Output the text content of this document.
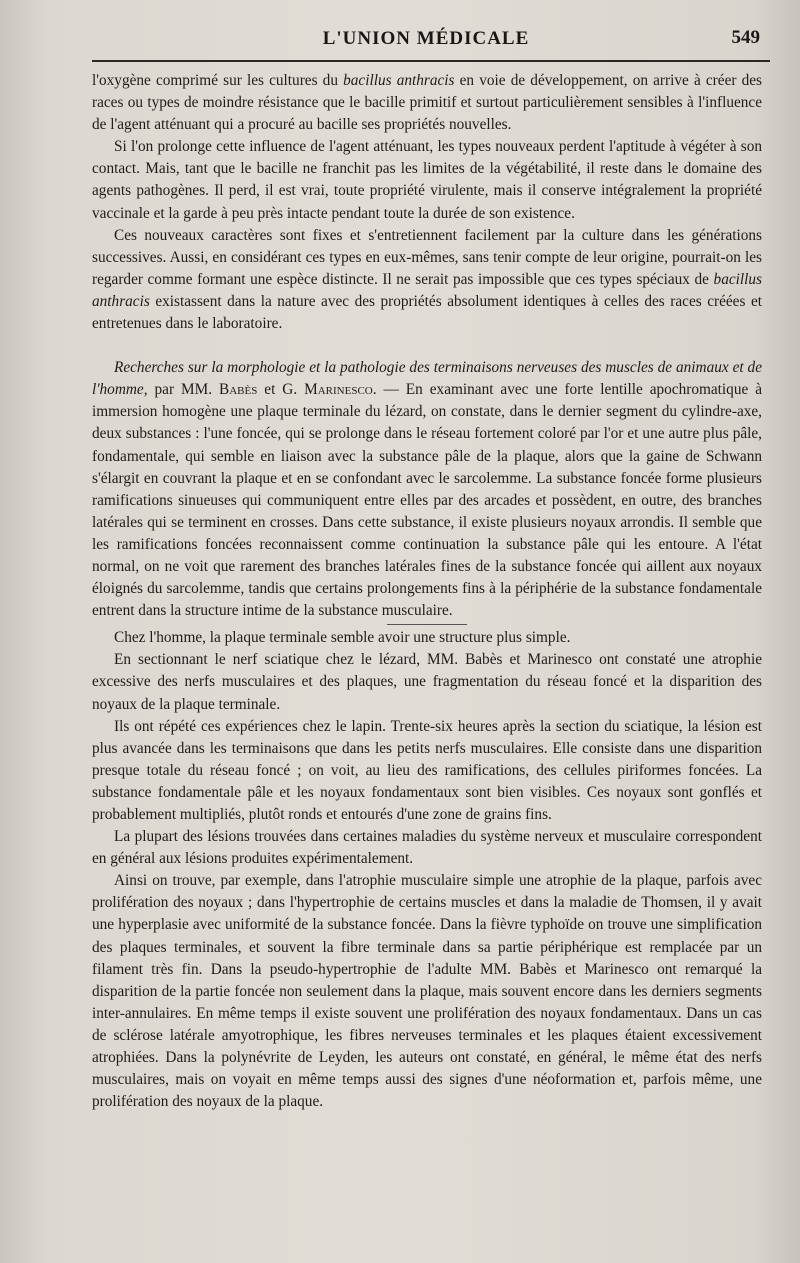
L'UNION MÉDICALE	549

l'oxygène comprimé sur les cultures du bacillus anthracis en voie de développement, on arrive à créer des races ou types de moindre résistance que le bacille primitif et surtout particulièrement sensibles à l'influence de l'agent atténuant qui a procuré au bacille ses propriétés nouvelles.

Si l'on prolonge cette influence de l'agent atténuant, les types nouveaux perdent l'aptitude à végéter à son contact. Mais, tant que le bacille ne franchit pas les limites de la végétabilité, il reste dans le domaine des agents pathogènes. Il perd, il est vrai, toute propriété virulente, mais il conserve intégralement la propriété vaccinale et la garde à peu près intacte pendant toute la durée de son existence.

Ces nouveaux caractères sont fixes et s'entretiennent facilement par la culture dans les générations successives. Aussi, en considérant ces types en eux-mêmes, sans tenir compte de leur origine, pourrait-on les regarder comme formant une espèce distincte. Il ne serait pas impossible que ces types spéciaux de bacillus anthracis existassent dans la nature avec des propriétés absolument identiques à celles des races créées et entretenues dans le laboratoire.

Recherches sur la morphologie et la pathologie des terminaisons nerveuses des muscles de animaux et de l'homme, par MM. Babès et G. Marinesco. — En examinant avec une forte lentille apochromatique à immersion homogène une plaque terminale du lézard, on constate, dans le dernier segment du cylindre-axe, deux substances : l'une foncée, qui se prolonge dans le réseau fortement coloré par l'or et une autre plus pâle, fondamentale, qui semble en liaison avec la substance pâle de la plaque, alors que la gaine de Schwann s'élargit en couvrant la plaque et en se confondant avec le sarcolemme. La substance foncée forme plusieurs ramifications sinueuses qui communiquent entre elles par des arcades et possèdent, en outre, des branches latérales qui se terminent en crosses. Dans cette substance, il existe plusieurs noyaux arrondis. Il semble que les ramifications foncées reconnaissent comme continuation la substance pâle qui les entoure. A l'état normal, on ne voit que rarement des branches latérales fines de la substance foncée qui aillent aux noyaux éloignés du sarcolemme, tandis que certains prolongements fins à la périphérie de la substance fondamentale entrent dans la structure intime de la substance musculaire.

Chez l'homme, la plaque terminale semble avoir une structure plus simple.

En sectionnant le nerf sciatique chez le lézard, MM. Babès et Marinesco ont constaté une atrophie excessive des nerfs musculaires et des plaques, une fragmentation du réseau foncé et la disparition des noyaux de la plaque terminale.

Ils ont répété ces expériences chez le lapin. Trente-six heures après la section du sciatique, la lésion est plus avancée dans les terminaisons que dans les petits nerfs musculaires. Elle consiste dans une disparition presque totale du réseau foncé ; on voit, au lieu des ramifications, des cellules piriformes foncées. La substance fondamentale pâle et les noyaux fondamentaux sont bien visibles. Ces noyaux sont gonflés et probablement multipliés, plutôt ronds et entourés d'une zone de grains fins.

La plupart des lésions trouvées dans certaines maladies du système nerveux et musculaire correspondent en général aux lésions produites expérimentalement.

Ainsi on trouve, par exemple, dans l'atrophie musculaire simple une atrophie de la plaque, parfois avec prolifération des noyaux ; dans l'hypertrophie de certains muscles et dans la maladie de Thomsen, il y avait une hyperplasie avec uniformité de la substance foncée. Dans la fièvre typhoïde on trouve une simplification des plaques terminales, et souvent la fibre terminale dans sa partie périphérique est remplacée par un filament très fin. Dans la pseudo-hypertrophie de l'adulte MM. Babès et Marinesco ont remarqué la disparition de la partie foncée non seulement dans la plaque, mais souvent encore dans les derniers segments inter-annulaires. En même temps il existe souvent une prolifération des noyaux fondamentaux. Dans un cas de sclérose latérale amyotrophique, les fibres nerveuses terminales et les plaques étaient excessivement atrophiées. Dans la polynévrite de Leyden, les auteurs ont constaté, en général, le même état des nerfs musculaires, mais on voyait en même temps aussi des signes d'une néoformation et, parfois même, une prolifération des noyaux de la plaque.
